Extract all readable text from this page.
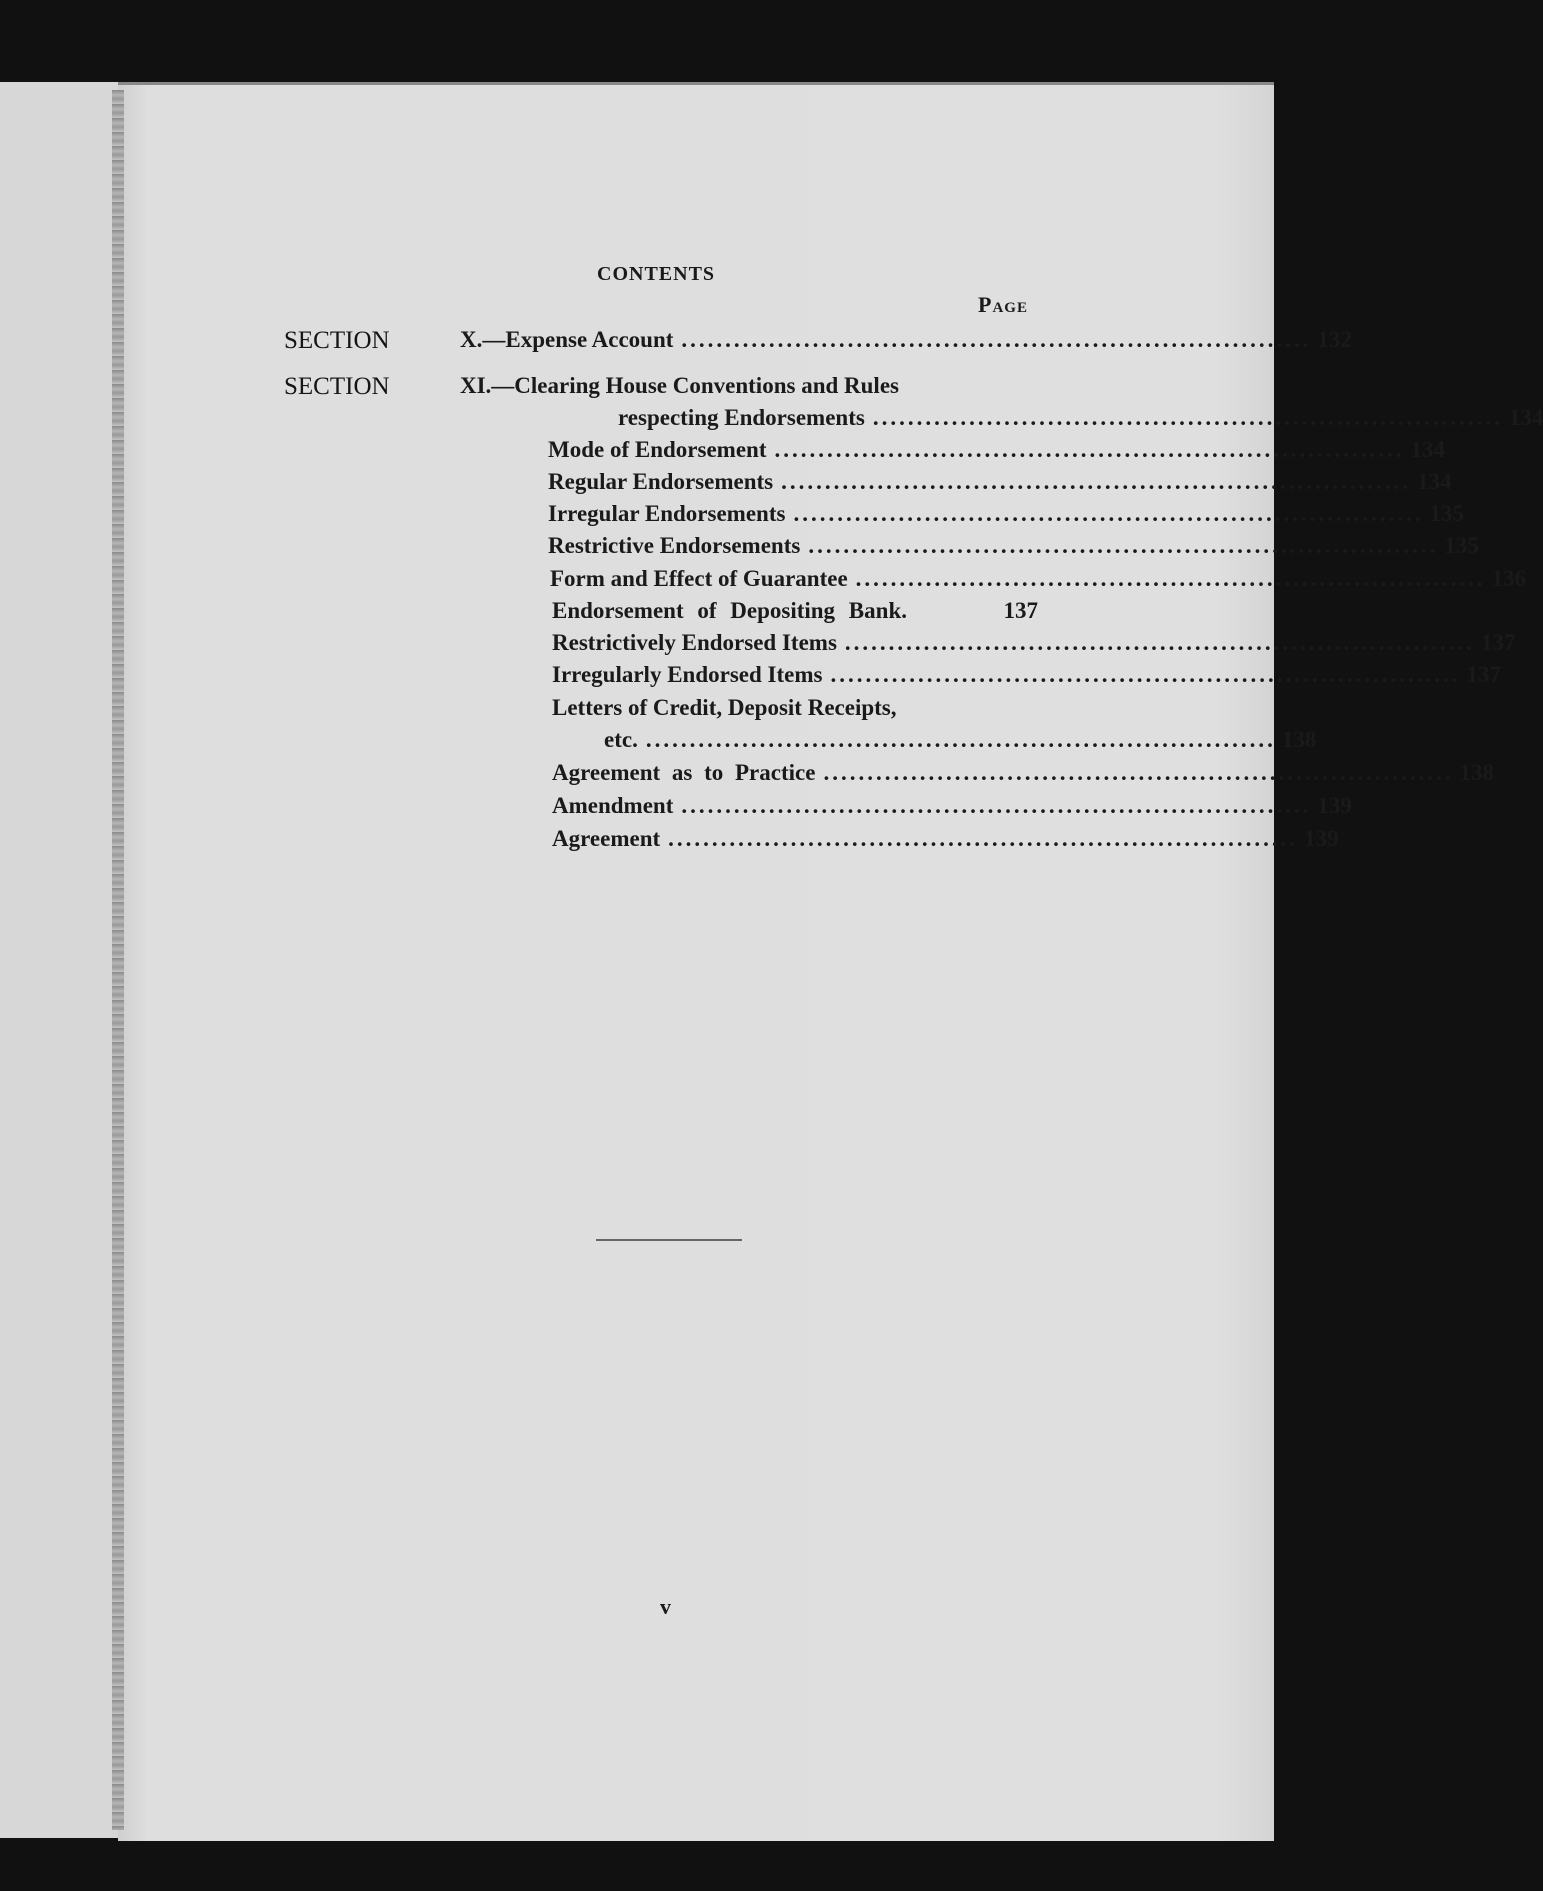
CONTENTS
Page
SECTION
SECTION
X.—Expense Account ........................................................................ 132
XI.—Clearing House Conventions and Rules
respecting Endorsements ........................................................................ 134
Mode of Endorsement ........................................................................ 134
Regular Endorsements ........................................................................ 134
Irregular Endorsements ........................................................................ 135
Restrictive Endorsements ........................................................................ 135
Form and Effect of Guarantee ........................................................................ 136
Endorsement of Depositing Bank.	137
Restrictively Endorsed Items ........................................................................ 137
Irregularly Endorsed Items ........................................................................ 137
Letters of Credit, Deposit Receipts,
etc. ........................................................................ 138
Agreement as to Practice ........................................................................ 138
Amendment ........................................................................ 139
Agreement ........................................................................ 139
v
